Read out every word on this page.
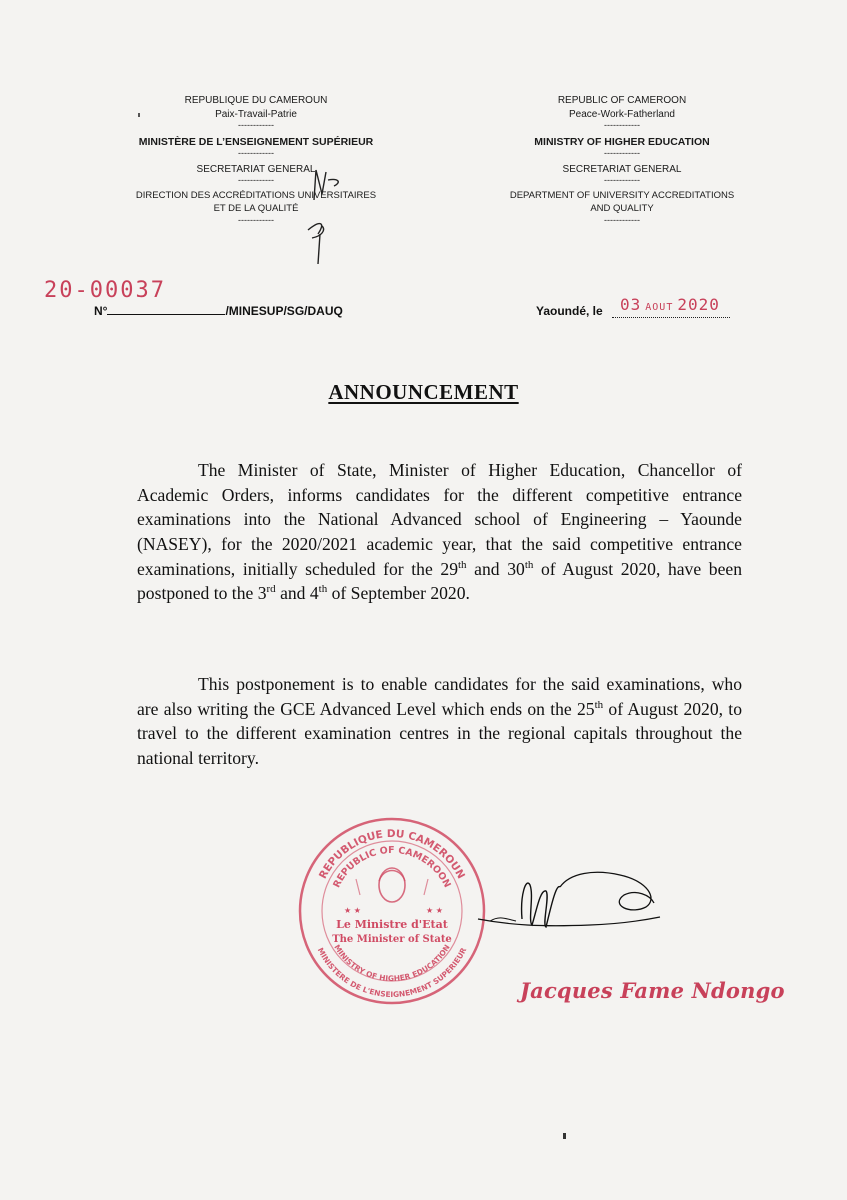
REPUBLIQUE DU CAMEROUN
Paix-Travail-Patrie
------------
MINISTÈRE DE L’ENSEIGNEMENT SUPÉRIEUR
------------
SECRETARIAT GENERAL
------------
DIRECTION DES ACCRÉDITATIONS UNIVERSITAIRES
ET DE LA QUALITÉ
------------
REPUBLIC OF CAMEROON
Peace-Work-Fatherland
------------
MINISTRY OF HIGHER EDUCATION
------------
SECRETARIAT GENERAL
------------
DEPARTMENT OF UNIVERSITY ACCREDITATIONS
AND QUALITY
------------
20-00037
N°	/MINESUP/SG/DAUQ	Yaoundé, le 03 AOUT 2020
ANNOUNCEMENT

The Minister of State, Minister of Higher Education, Chancellor of Academic Orders, informs candidates for the different competitive entrance examinations into the National Advanced school of Engineering – Yaounde (NASEY), for the 2020/2021 academic year, that the said competitive entrance examinations, initially scheduled for the 29th and 30th of August 2020, have been postponed to the 3rd and 4th of September 2020.

This postponement is to enable candidates for the said examinations, who are also writing the GCE Advanced Level which ends on the 25th of August 2020, to travel to the different examination centres in the regional capitals throughout the national territory.

REPUBLIQUE DU CAMEROUN
REPUBLIC OF CAMEROON
MINISTRY OF HIGHER EDUCATION
MINISTERE DE L'ENSEIGNEMENT SUPERIEUR
★ ★	★ ★
Le Ministre d'Etat
The Minister of State
Jacques Fame Ndongo
